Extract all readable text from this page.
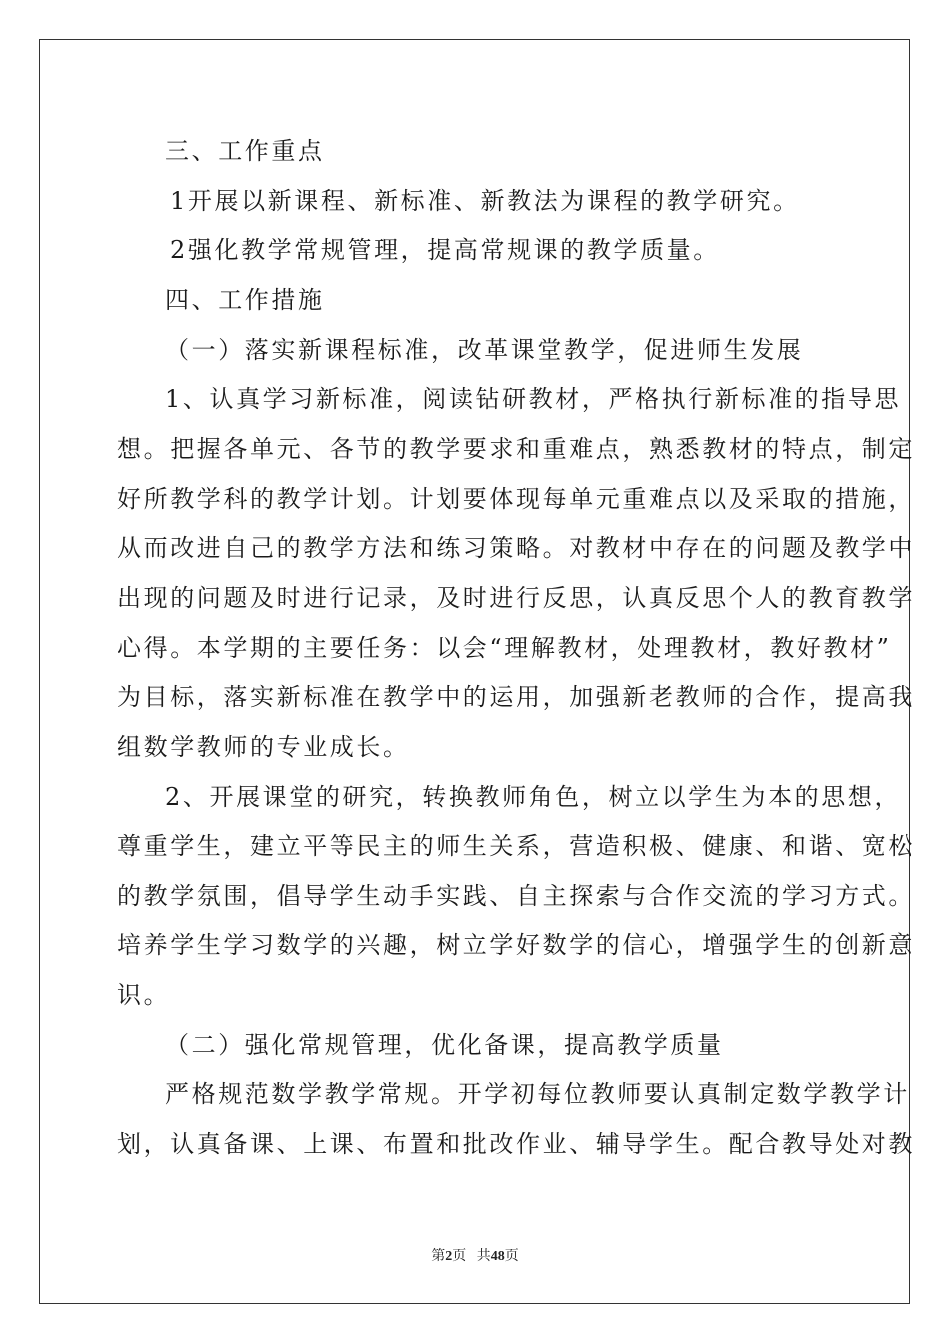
三、工作重点
1开展以新课程、新标准、新教法为课程的教学研究。
2强化教学常规管理，提高常规课的教学质量。
四、工作措施
（一）落实新课程标准，改革课堂教学，促进师生发展
1、认真学习新标准，阅读钻研教材，严格执行新标准的指导思
想。把握各单元、各节的教学要求和重难点，熟悉教材的特点，制定
好所教学科的教学计划。计划要体现每单元重难点以及采取的措施，
从而改进自己的教学方法和练习策略。对教材中存在的问题及教学中
出现的问题及时进行记录，及时进行反思，认真反思个人的教育教学
心得。本学期的主要任务：以会“理解教材，处理教材，教好教材”
为目标，落实新标准在教学中的运用，加强新老教师的合作，提高我
组数学教师的专业成长。
2、开展课堂的研究，转换教师角色，树立以学生为本的思想，
尊重学生，建立平等民主的师生关系，营造积极、健康、和谐、宽松
的教学氛围，倡导学生动手实践、自主探索与合作交流的学习方式。
培养学生学习数学的兴趣，树立学好数学的信心，增强学生的创新意
识。
（二）强化常规管理，优化备课，提高教学质量
严格规范数学教学常规。开学初每位教师要认真制定数学教学计
划，认真备课、上课、布置和批改作业、辅导学生。配合教导处对教
第2页 共48页
